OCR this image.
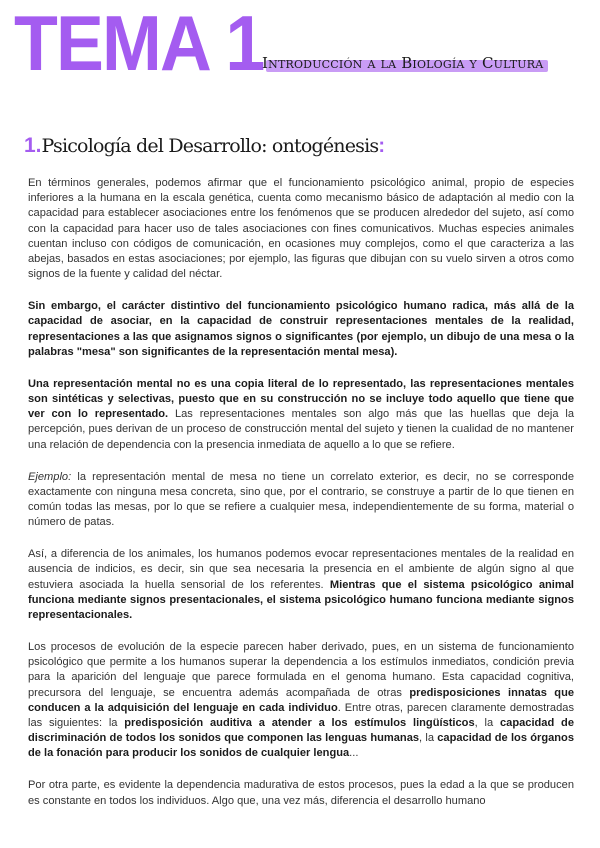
TEMA 1
Introducción a la Biología y Cultura
1.Psicología del Desarrollo: ontogénesis:

En términos generales, podemos afirmar que el funcionamiento psicológico animal, propio de especies inferiores a la humana en la escala genética, cuenta como mecanismo básico de adaptación al medio con la capacidad para establecer asociaciones entre los fenómenos que se producen alrededor del sujeto, así como con la capacidad para hacer uso de tales asociaciones con fines comunicativos. Muchas especies animales cuentan incluso con códigos de comunicación, en ocasiones muy complejos, como el que caracteriza a las abejas, basados en estas asociaciones; por ejemplo, las figuras que dibujan con su vuelo sirven a otros como signos de la fuente y calidad del néctar.

Sin embargo, el carácter distintivo del funcionamiento psicológico humano radica, más allá de la capacidad de asociar, en la capacidad de construir representaciones mentales de la realidad, representaciones a las que asignamos signos o significantes (por ejemplo, un dibujo de una mesa o la palabras "mesa" son significantes de la representación mental mesa).

Una representación mental no es una copia literal de lo representado, las representaciones mentales son sintéticas y selectivas, puesto que en su construcción no se incluye todo aquello que tiene que ver con lo representado. Las representaciones mentales son algo más que las huellas que deja la percepción, pues derivan de un proceso de construcción mental del sujeto y tienen la cualidad de no mantener una relación de dependencia con la presencia inmediata de aquello a lo que se refiere.

Ejemplo: la representación mental de mesa no tiene un correlato exterior, es decir, no se corresponde exactamente con ninguna mesa concreta, sino que, por el contrario, se construye a partir de lo que tienen en común todas las mesas, por lo que se refiere a cualquier mesa, independientemente de su forma, material o número de patas.

Así, a diferencia de los animales, los humanos podemos evocar representaciones mentales de la realidad en ausencia de indicios, es decir, sin que sea necesaria la presencia en el ambiente de algún signo al que estuviera asociada la huella sensorial de los referentes. Mientras que el sistema psicológico animal funciona mediante signos presentacionales, el sistema psicológico humano funciona mediante signos representacionales.

Los procesos de evolución de la especie parecen haber derivado, pues, en un sistema de funcionamiento psicológico que permite a los humanos superar la dependencia a los estímulos inmediatos, condición previa para la aparición del lenguaje que parece formulada en el genoma humano. Esta capacidad cognitiva, precursora del lenguaje, se encuentra además acompañada de otras predisposiciones innatas que conducen a la adquisición del lenguaje en cada individuo. Entre otras, parecen claramente demostradas las siguientes: la predisposición auditiva a atender a los estímulos lingüísticos, la capacidad de discriminación de todos los sonidos que componen las lenguas humanas, la capacidad de los órganos de la fonación para producir los sonidos de cualquier lengua...

Por otra parte, es evidente la dependencia madurativa de estos procesos, pues la edad a la que se producen es constante en todos los individuos. Algo que, una vez más, diferencia el desarrollo humano
